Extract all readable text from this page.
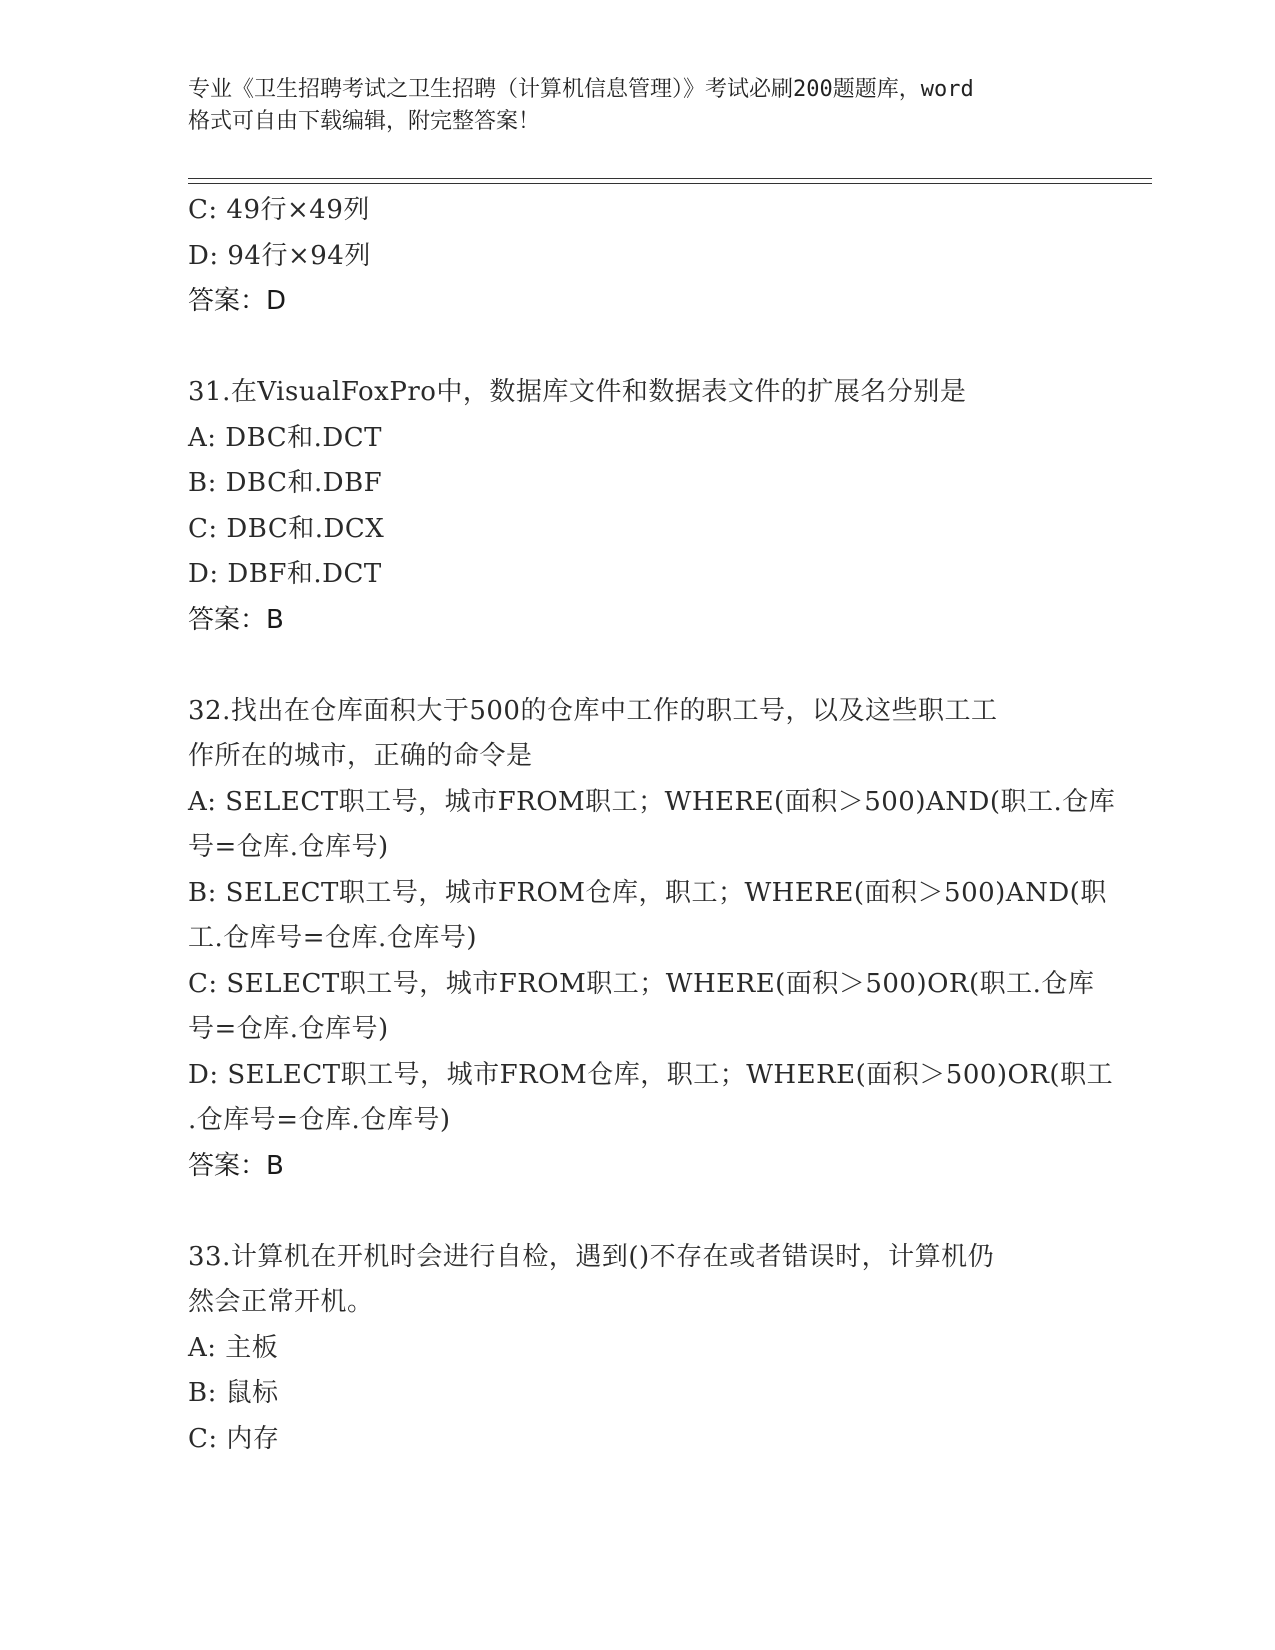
专业《卫生招聘考试之卫生招聘（计算机信息管理）》考试必刷200题题库，word
格式可自由下载编辑，附完整答案！
C: 49行×49列
D: 94行×94列
答案：D
31.在VisualFoxPro中，数据库文件和数据表文件的扩展名分别是
A: DBC和.DCT
B: DBC和.DBF
C: DBC和.DCX
D: DBF和.DCT
答案：B
32.找出在仓库面积大于500的仓库中工作的职工号，以及这些职工工
作所在的城市，正确的命令是
A: SELECT职工号，城市FROM职工；WHERE(面积＞500)AND(职工.仓库
号=仓库.仓库号)
B: SELECT职工号，城市FROM仓库，职工；WHERE(面积＞500)AND(职
工.仓库号=仓库.仓库号)
C: SELECT职工号，城市FROM职工；WHERE(面积＞500)OR(职工.仓库
号=仓库.仓库号)
D: SELECT职工号，城市FROM仓库，职工；WHERE(面积＞500)OR(职工
.仓库号=仓库.仓库号)
答案：B
33.计算机在开机时会进行自检，遇到()不存在或者错误时，计算机仍
然会正常开机。
A: 主板
B: 鼠标
C: 内存
